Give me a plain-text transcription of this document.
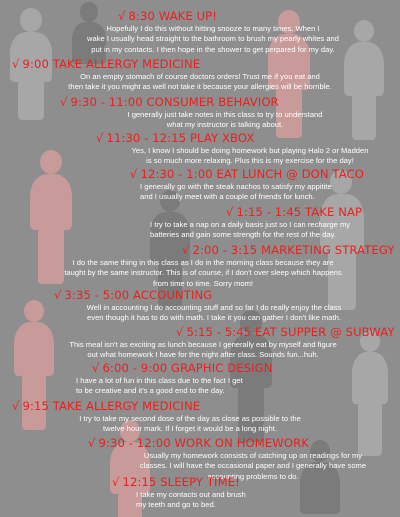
√ 8:30 WAKE UP!
Hopefully I do this without hitting snooze to many times. When I
wake I usually head straight to the bathroom to brush my pearly whites and
put in my contacts. I then hope in the shower to get perpared for my day.
√ 9:00 TAKE ALLERGY MEDICINE
On an empty stomach of course doctors orders! Trust me if you eat and
then take it you might as well not take it because your allergies will be horrible.
√ 9:30 - 11:00 CONSUMER BEHAVIOR
I generally just take notes in this class to try to understand
what my instructor is talking about.
√ 11:30 - 12:15 PLAY XBOX
Yes, I know I should be doing homework but playing Halo 2 or Madden
is so much more relaxing. Plus this is my exercise for the day!
√ 12:30 - 1:00 EAT LUNCH @ DON TACO
I generally go with the steak nachos to satisfy my appitite
and I usually meet with a couple of friends for lunch.
√ 1:15 - 1:45 TAKE NAP
I try to take a nap on a daily basis just so I can recharge my
batteries and gain some strength for the rest of the day.
√ 2:00 - 3:15 MARKETING STRATEGY
I do the same thing in this class as I do in the morning class because they are
taught by the same instructor. This is of course, if I don't over sleep which happens
from time to time. Sorry mom!
√ 3:35 - 5:00 ACCOUNTING
Well in accounting I do accounting stuff and so far I do really enjoy the class
even though it has to do with math. I take it you can gather I don't like math.
√ 5:15 - 5:45 EAT SUPPER @ SUBWAY
This meal isn't as exciting as lunch because I generally eat by myself and figure
out what homework I have for the night after class. Sounds fun...huh.
√ 6:00 - 9:00 GRAPHIC DESIGN
I have a lot of fun in this class due to the fact I get
to be creative and it's a good end to the day.
√ 9:15 TAKE ALLERGY MEDICINE
I try to take my second dose of the day as close as possible to the
twelve hour mark. If I forget it would be a long night.
√ 9:30 - 12:00 WORK ON HOMEWORK
Usually my homework consists of catching up on readings for my
classes. I will have the occasional paper and I generally have some
accounting problems to do.
√ 12:15 SLEEPY TIME!
I take my contacts out and brush
my teeth and go to bed.
